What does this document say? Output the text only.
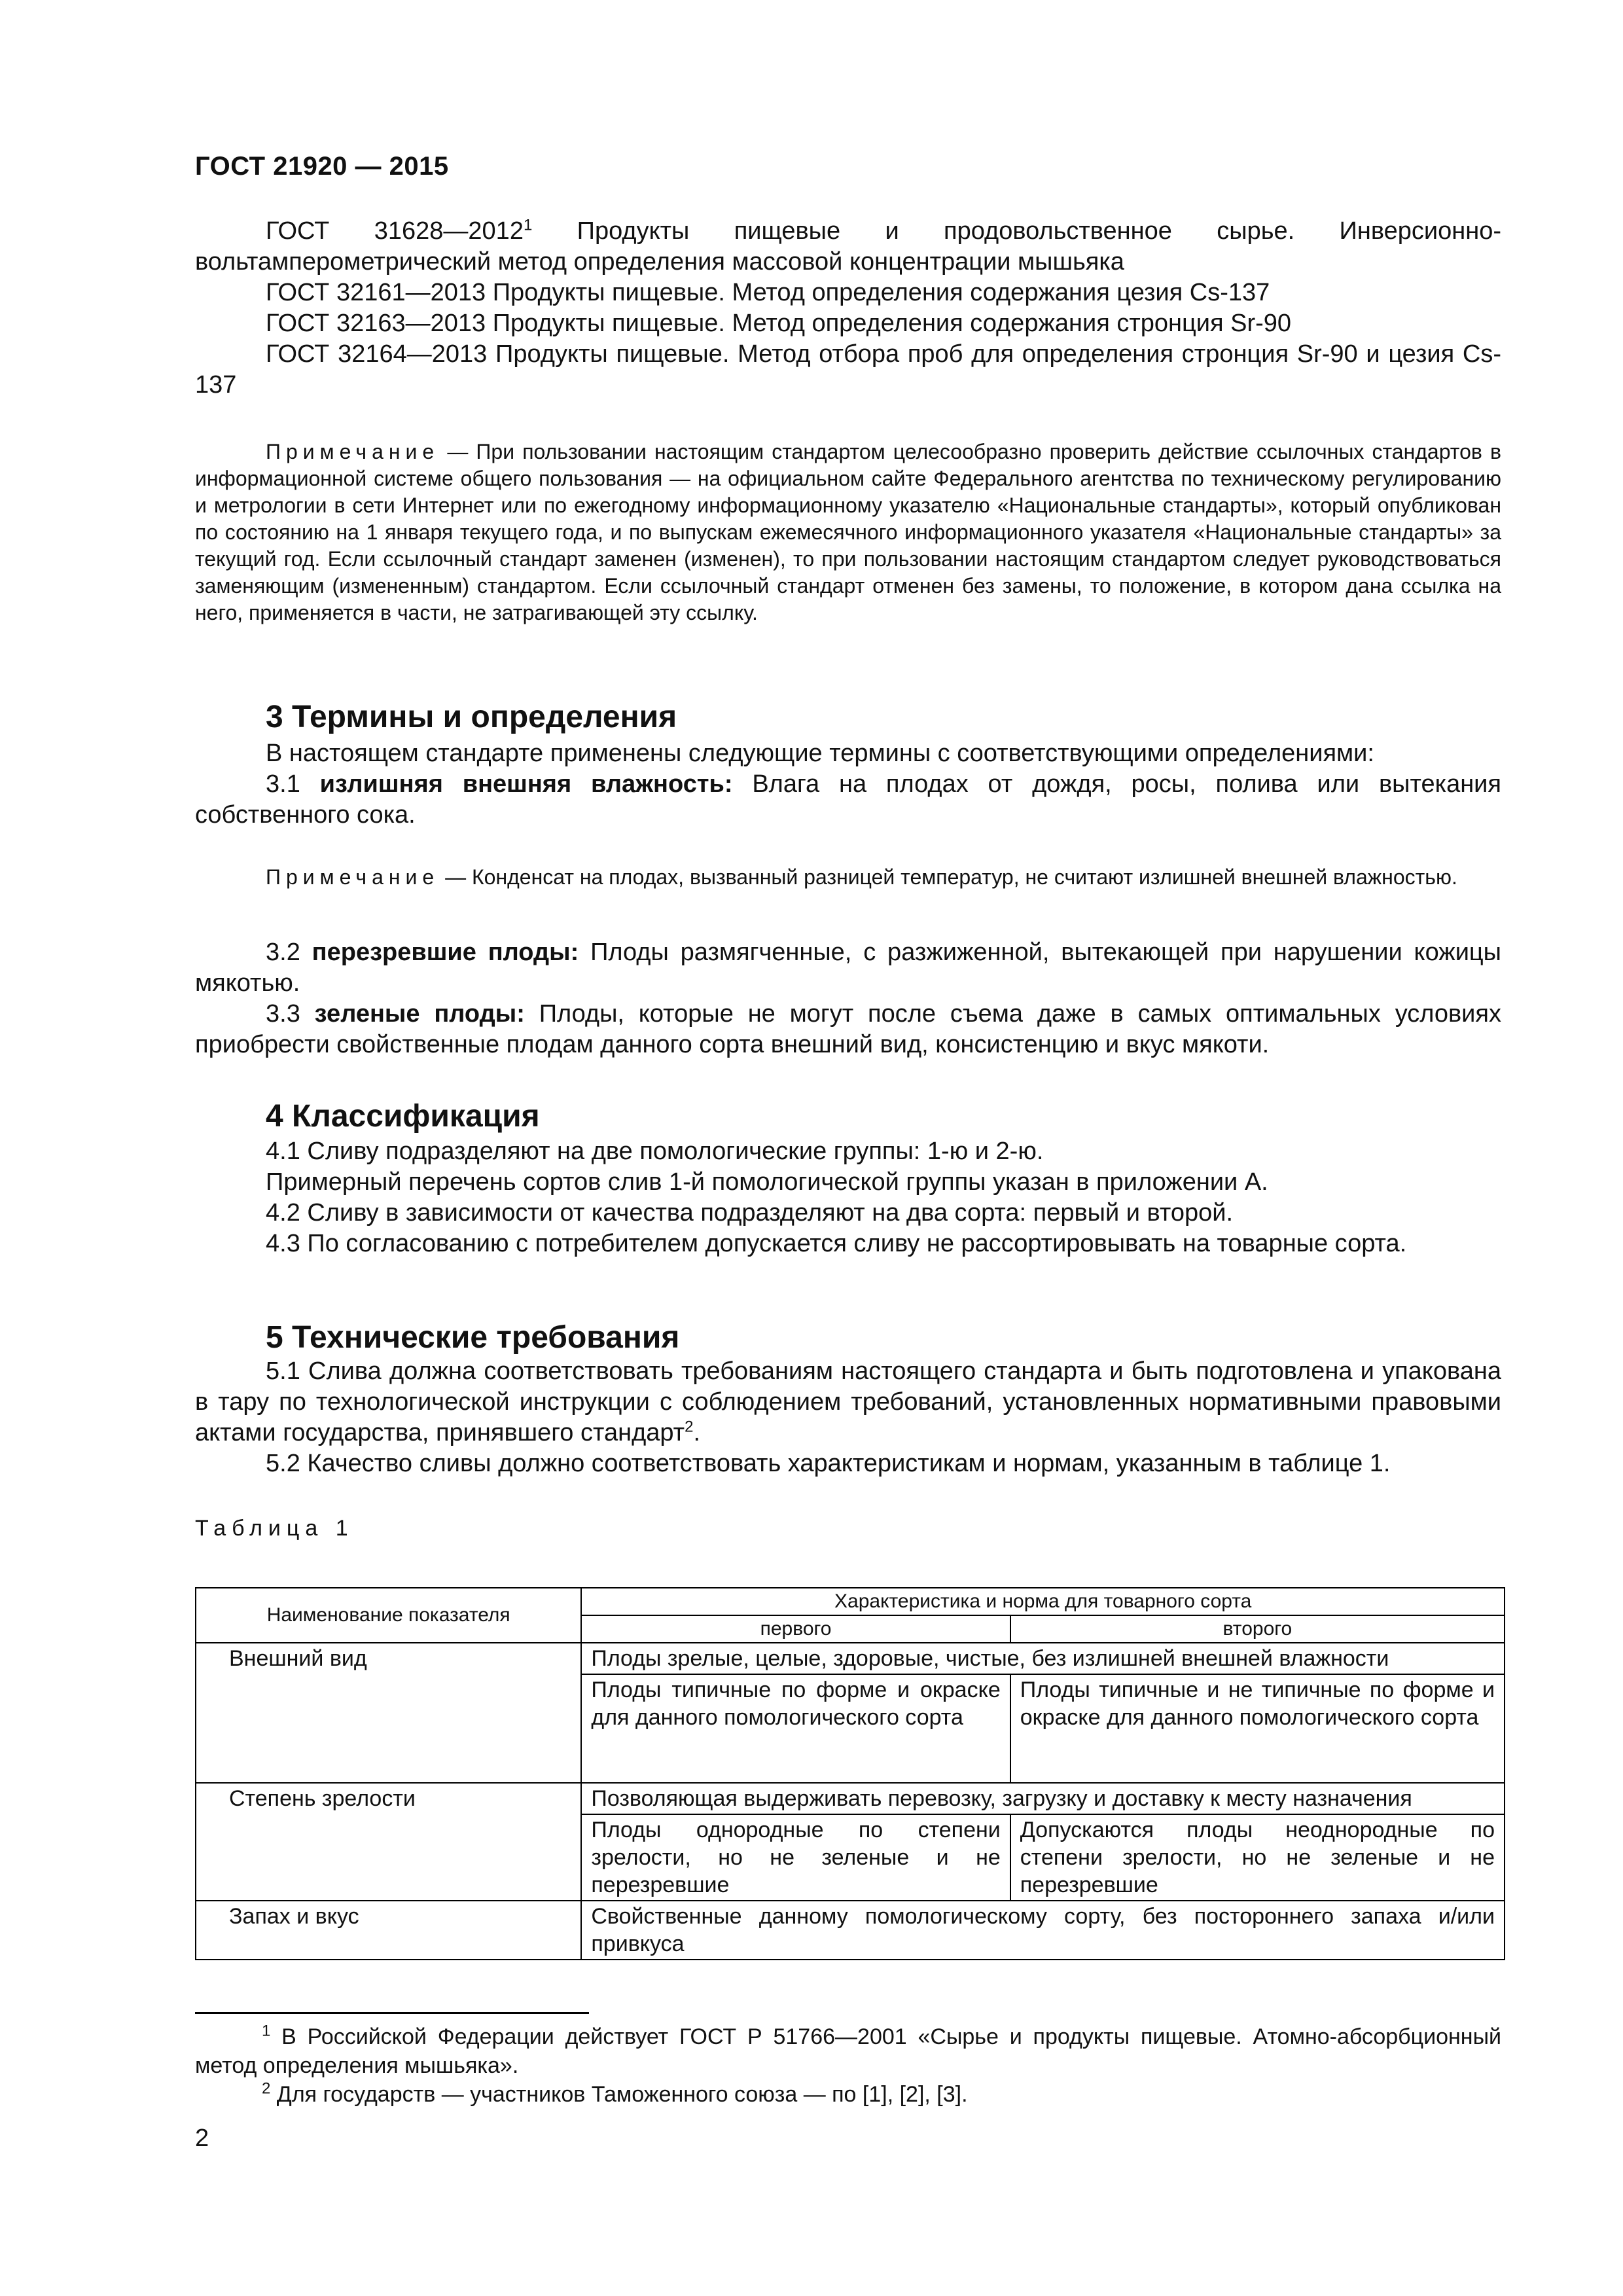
ГОСТ 21920 — 2015

ГОСТ 31628—2012$^1$ Продукты пищевые и продовольственное сырье. Инверсионно-вольтамперометрический метод определения массовой концентрации мышьяка

ГОСТ 32161—2013 Продукты пищевые. Метод определения содержания цезия Cs-137

ГОСТ 32163—2013 Продукты пищевые. Метод определения содержания стронция Sr-90

ГОСТ 32164—2013 Продукты пищевые. Метод отбора проб для определения стронция Sr-90 и цезия Cs-137

Примечание — При пользовании настоящим стандартом целесообразно проверить действие ссылочных стандартов в информационной системе общего пользования — на официальном сайте Федерального агентства по техническому регулированию и метрологии в сети Интернет или по ежегодному информационному указателю «Национальные стандарты», который опубликован по состоянию на 1 января текущего года, и по выпускам ежемесячного информационного указателя «Национальные стандарты» за текущий год. Если ссылочный стандарт заменен (изменен), то при пользовании настоящим стандартом следует руководствоваться заменяющим (измененным) стандартом. Если ссылочный стандарт отменен без замены, то положение, в котором дана ссылка на него, применяется в части, не затрагивающей эту ссылку.

3 Термины и определения

В настоящем стандарте применены следующие термины с соответствующими определениями:

3.1 излишняя внешняя влажность: Влага на плодах от дождя, росы, полива или вытекания собственного сока.

Примечание — Конденсат на плодах, вызванный разницей температур, не считают излишней внешней влажностью.

3.2 перезревшие плоды: Плоды размягченные, с разжиженной, вытекающей при нарушении кожицы мякотью.

3.3 зеленые плоды: Плоды, которые не могут после съема даже в самых оптимальных условиях приобрести свойственные плодам данного сорта внешний вид, консистенцию и вкус мякоти.

4 Классификация

4.1 Сливу подразделяют на две помологические группы: 1-ю и 2-ю.

Примерный перечень сортов слив 1-й помологической группы указан в приложении А.

4.2 Сливу в зависимости от качества подразделяют на два сорта: первый и второй.

4.3 По согласованию с потребителем допускается сливу не рассортировывать на товарные сорта.

5 Технические требования

5.1 Слива должна соответствовать требованиям настоящего стандарта и быть подготовлена и упакована в тару по технологической инструкции с соблюдением требований, установленных нормативными правовыми актами государства, принявшего стандарт$^2$.

5.2 Качество сливы должно соответствовать характеристикам и нормам, указанным в таблице 1.

Таблица 1
Наименование показателя	Характеристика и норма для товарного сорта	
	первого	второго
Внешний вид	Плоды зрелые, целые, здоровые, чистые, без излишней внешней влажности	
	Плоды типичные по форме и окраске для данного помологического сорта	Плоды типичные и не типичные по форме и окраске для данного помологического сорта
Степень зрелости	Позволяющая выдерживать перевозку, загрузку и доставку к месту назначения	
	Плоды однородные по степени зрелости, но не зеленые и не перезревшие	Допускаются плоды неоднородные по степени зрелости, но не зеленые и не перезревшие
Запах и вкус	Свойственные данному помологическому сорту, без постороннего запаха и/или привкуса	

$^1$ В Российской Федерации действует ГОСТ Р 51766—2001 «Сырье и продукты пищевые. Атомно-абсорбционный метод определения мышьяка».

$^2$ Для государств — участников Таможенного союза — по [1], [2], [3].

2
